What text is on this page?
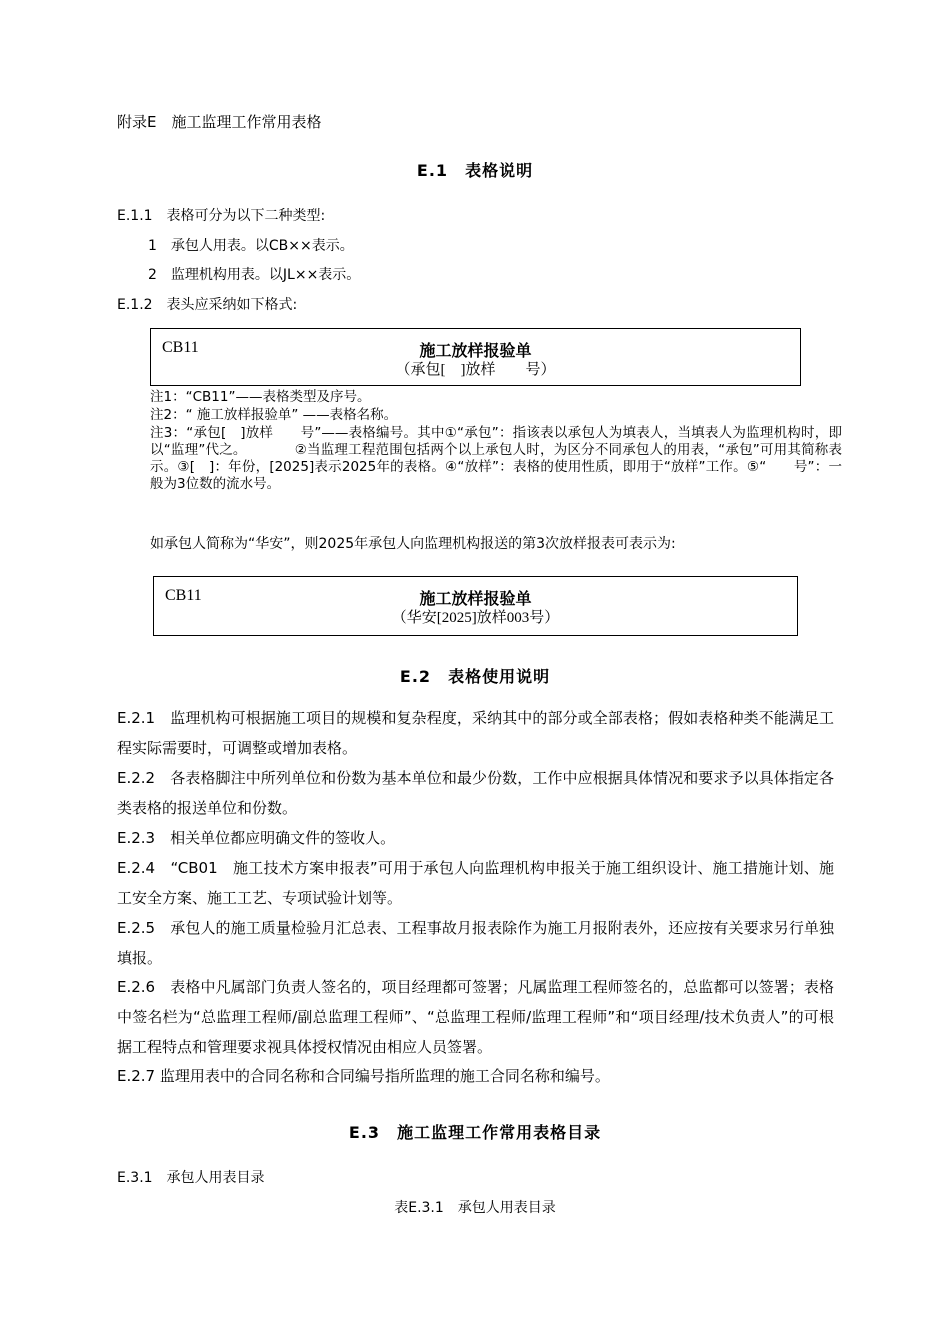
附录E　施工监理工作常用表格
E.1　表格说明
E.1.1　表格可分为以下二种类型:
1　承包人用表。以CB××表示。
2　监理机构用表。以JL××表示。
E.1.2　表头应采纳如下格式:
CB11	施工放样报验单
（承包[　]放样　　号）
注1：“CB11”——表格类型及序号。
注2：“ 施工放样报验单” ——表格名称。
注3：“承包[　]放样　　号”——表格编号。其中①“承包”：指该表以承包人为填表人，当填表人为监理机构时，即以“监理”代之。　　　　②当监理工程范围包括两个以上承包人时，为区分不同承包人的用表，“承包”可用其简称表示。③[　]：年份，[2025]表示2025年的表格。④“放样”：表格的使用性质，即用于“放样”工作。⑤“　　号”：一般为3位数的流水号。
如承包人简称为“华安”，则2025年承包人向监理机构报送的第3次放样报表可表示为:
CB11	施工放样报验单
（华安[2025]放样003号）
E.2　表格使用说明
E.2.1　监理机构可根据施工项目的规模和复杂程度，采纳其中的部分或全部表格；假如表格种类不能满足工程实际需要时，可调整或增加表格。
E.2.2　各表格脚注中所列单位和份数为基本单位和最少份数，工作中应根据具体情况和要求予以具体指定各类表格的报送单位和份数。
E.2.3　相关单位都应明确文件的签收人。
E.2.4　“CB01　施工技术方案申报表”可用于承包人向监理机构申报关于施工组织设计、施工措施计划、施工安全方案、施工工艺、专项试验计划等。
E.2.5　承包人的施工质量检验月汇总表、工程事故月报表除作为施工月报附表外，还应按有关要求另行单独填报。
E.2.6　表格中凡属部门负责人签名的，项目经理都可签署；凡属监理工程师签名的，总监都可以签署；表格中签名栏为“总监理工程师/副总监理工程师”、“总监理工程师/监理工程师”和“项目经理/技术负责人”的可根据工程特点和管理要求视具体授权情况由相应人员签署。
E.2.7 监理用表中的合同名称和合同编号指所监理的施工合同名称和编号。
E.3　施工监理工作常用表格目录
E.3.1　承包人用表目录
表E.3.1　承包人用表目录
